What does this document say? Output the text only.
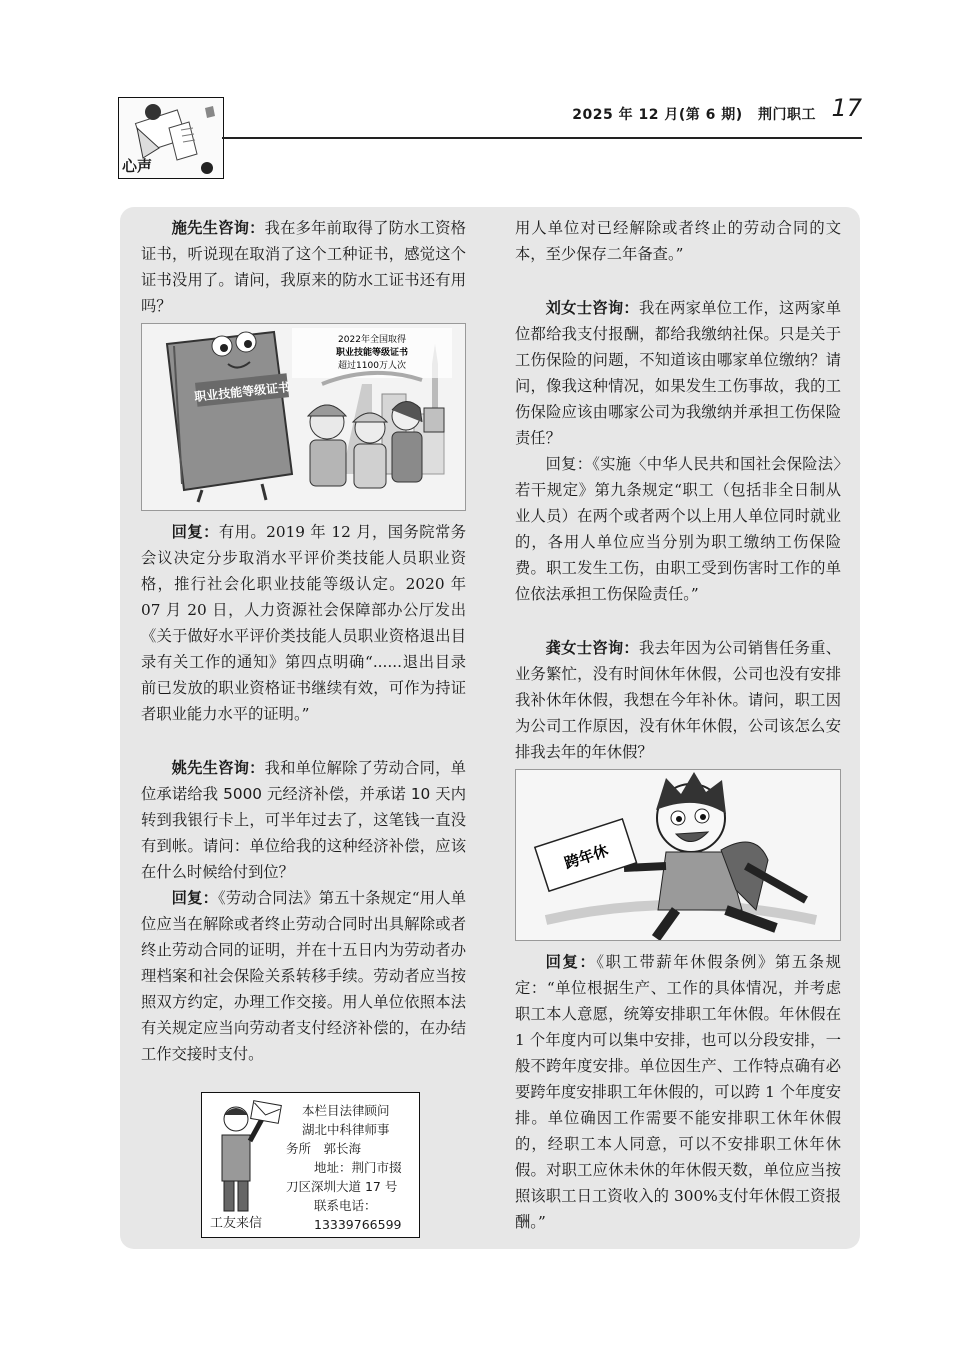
心声
2025 年 12 月(第 6 期) 荆门职工 17

施先生咨询：我在多年前取得了防水工资格证书，听说现在取消了这个工种证书，感觉这个证书没用了。请问，我原来的防水工证书还有用吗？

职业技能等级证书
2022年全国取得
职业技能等级证书
超过1100万人次

回复：有用。2019 年 12 月，国务院常务会议决定分步取消水平评价类技能人员职业资格，推行社会化职业技能等级认定。2020 年 07 月 20 日，人力资源社会保障部办公厅发出《关于做好水平评价类技能人员职业资格退出目录有关工作的通知》第四点明确“......退出目录前已发放的职业资格证书继续有效，可作为持证者职业能力水平的证明。”

姚先生咨询：我和单位解除了劳动合同，单位承诺给我 5000 元经济补偿，并承诺 10 天内转到我银行卡上，可半年过去了，这笔钱一直没有到帐。请问：单位给我的这种经济补偿，应该在什么时候给付到位？

回复：《劳动合同法》第五十条规定“用人单位应当在解除或者终止劳动合同时出具解除或者终止劳动合同的证明，并在十五日内为劳动者办理档案和社会保险关系转移手续。劳动者应当按照双方约定，办理工作交接。用人单位依照本法有关规定应当向劳动者支付经济补偿的，在办结工作交接时支付。

用人单位对已经解除或者终止的劳动合同的文本，至少保存二年备查。”

刘女士咨询：我在两家单位工作，这两家单位都给我支付报酬，都给我缴纳社保。只是关于工伤保险的问题，不知道该由哪家单位缴纳？请问，像我这种情况，如果发生工伤事故，我的工伤保险应该由哪家公司为我缴纳并承担工伤保险责任？

回复：《实施〈中华人民共和国社会保险法〉若干规定》第九条规定“职工（包括非全日制从业人员）在两个或者两个以上用人单位同时就业的，各用人单位应当分别为职工缴纳工伤保险费。职工发生工伤，由职工受到伤害时工作的单位依法承担工伤保险责任。”

龚女士咨询：我去年因为公司销售任务重、业务繁忙，没有时间休年休假，公司也没有安排我补休年休假，我想在今年补休。请问，职工因为公司工作原因，没有休年休假，公司该怎么安排我去年的年休假？

跨年休

回复：《职工带薪年休假条例》第五条规定：“单位根据生产、工作的具体情况，并考虑职工本人意愿，统筹安排职工年休假。年休假在 1 个年度内可以集中安排，也可以分段安排，一般不跨年度安排。单位因生产、工作特点确有必要跨年度安排职工年休假的，可以跨 1 个年度安排。单位确因工作需要不能安排职工休年休假的，经职工本人同意，可以不安排职工休年休假。对职工应休未休的年休假天数，单位应当按照该职工日工资收入的 300%支付年休假工资报酬。”

本栏目法律顾问
湖北中科律师事
务所　郭长海
地址：荆门市掇
刀区深圳大道 17 号
联系电话：
13339766599
工友来信
